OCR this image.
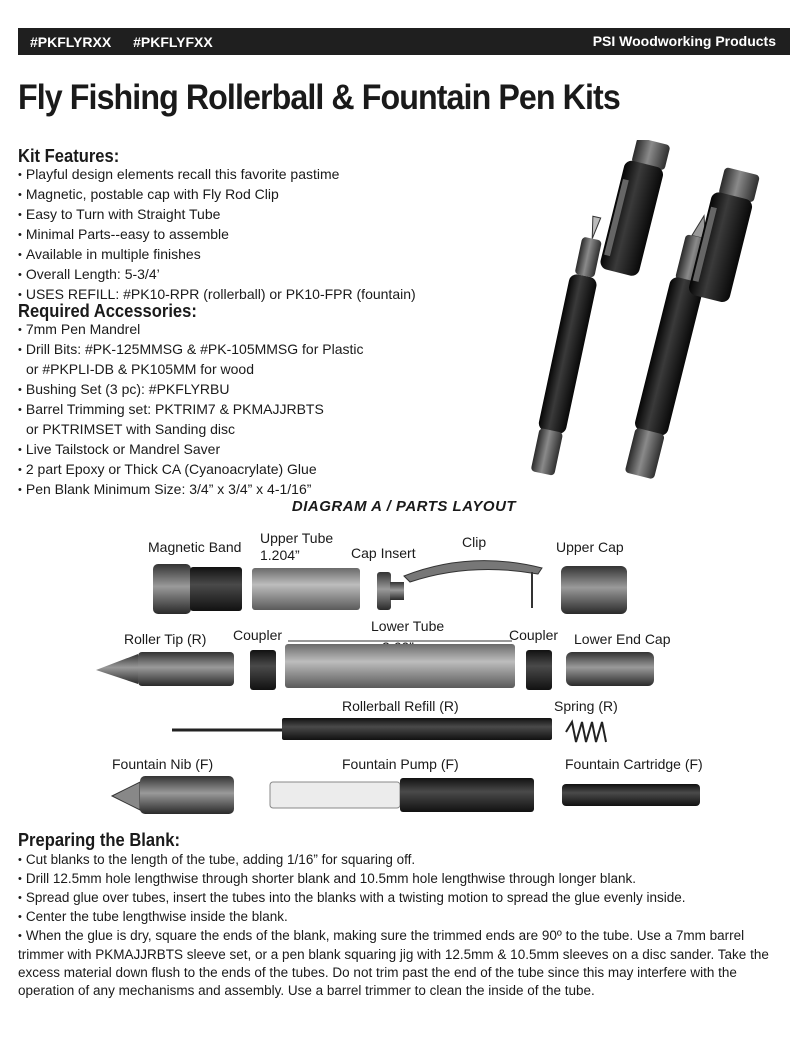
#PKFLYRXX #PKFLYFXX	PSI Woodworking Products
Fly Fishing Rollerball & Fountain Pen Kits
Kit Features:
• Playful design elements recall this favorite pastime
• Magnetic, postable cap with Fly Rod Clip
• Easy to Turn with Straight Tube
• Minimal Parts--easy to assemble
• Available in multiple finishes
• Overall Length: 5-3/4’
• USES REFILL: #PK10-RPR (rollerball) or PK10-FPR (fountain)
Required Accessories:
• 7mm Pen Mandrel
• Drill Bits: #PK-125MMSG & #PK-105MMSG for Plastic
or #PKPLI-DB & PK105MM for wood
• Bushing Set (3 pc): #PKFLYRBU
• Barrel Trimming set: PKTRIM7 & PKMAJJRBTS
or PKTRIMSET with Sanding disc
• Live Tailstock or Mandrel Saver
• 2 part Epoxy or Thick CA (Cyanoacrylate) Glue
• Pen Blank Minimum Size: 3/4” x 3/4” x 4-1/16”
DIAGRAM A / PARTS LAYOUT
Magnetic Band
Upper Tube
1.204”	Cap Insert
Clip	Upper Cap
Roller Tip (R) Coupler
Lower Tube
Coupler Lower End Cap
Rollerball Refill (R)	Spring (R)
Fountain Nib (F)	Fountain Pump (F)	Fountain Cartridge (F)
Preparing the Blank:
• Cut blanks to the length of the tube, adding 1/16” for squaring off.
• Drill 12.5mm hole lengthwise through shorter blank and 10.5mm hole lengthwise through longer blank.
• Spread glue over tubes, insert the tubes into the blanks with a twisting motion to spread the glue evenly inside.
• Center the tube lengthwise inside the blank.
• When the glue is dry, square the ends of the blank, making sure the trimmed ends are 90º to the tube. Use a 7mm barrel trimmer with PKMAJJRBTS sleeve set, or a pen blank squaring jig with 12.5mm & 10.5mm sleeves on a disc sander. Take the excess material down flush to the ends of the tubes. Do not trim past the end of the tube since this may interfere with the operation of any mechanisms and assembly. Use a barrel trimmer to clean the inside of the tube.
